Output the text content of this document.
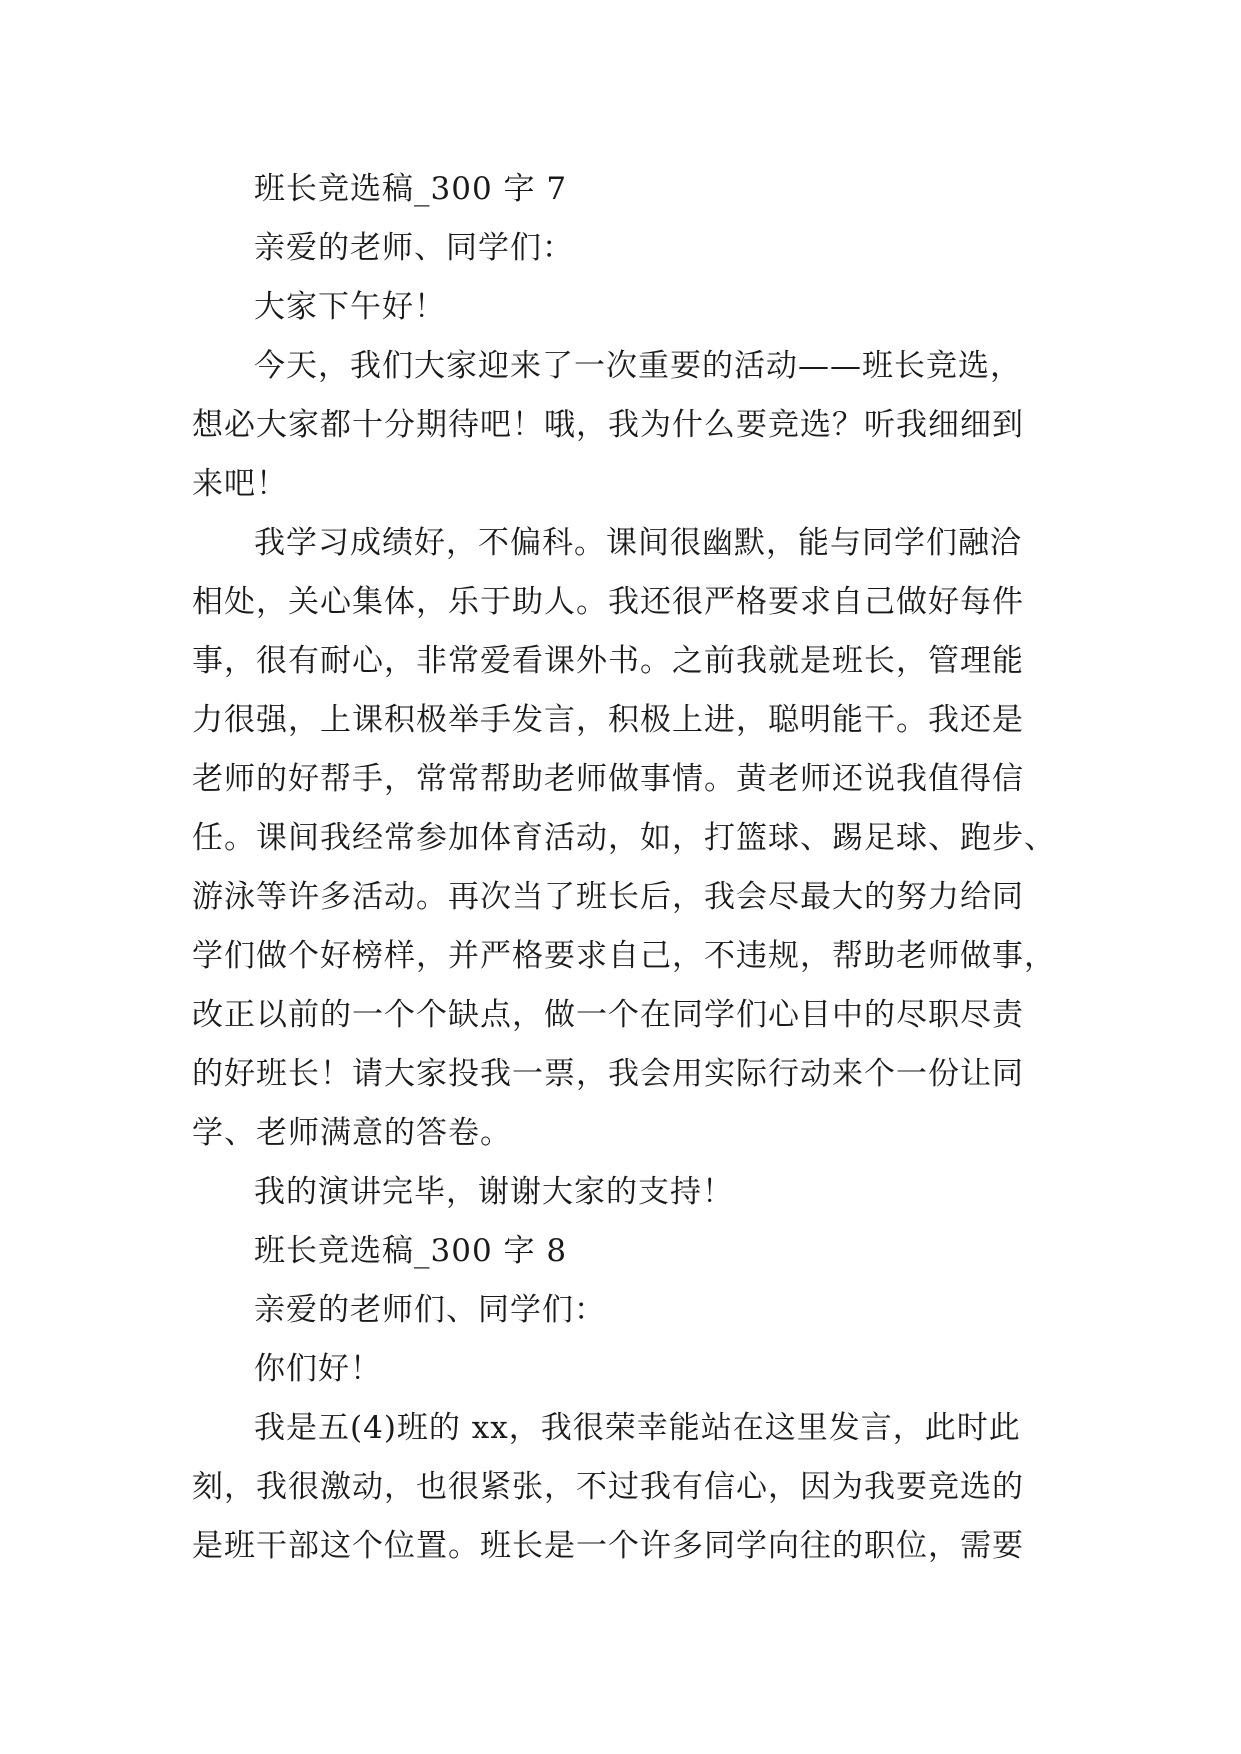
班长竞选稿_300 字 7
亲爱的老师、同学们：
大家下午好！
今天，我们大家迎来了一次重要的活动——班长竞选，
想必大家都十分期待吧！哦，我为什么要竞选？听我细细到
来吧！
我学习成绩好，不偏科。课间很幽默，能与同学们融洽
相处，关心集体，乐于助人。我还很严格要求自己做好每件
事，很有耐心，非常爱看课外书。之前我就是班长，管理能
力很强，上课积极举手发言，积极上进，聪明能干。我还是
老师的好帮手，常常帮助老师做事情。黄老师还说我值得信
任。课间我经常参加体育活动，如，打篮球、踢足球、跑步、
游泳等许多活动。再次当了班长后，我会尽最大的努力给同
学们做个好榜样，并严格要求自己，不违规，帮助老师做事，
改正以前的一个个缺点，做一个在同学们心目中的尽职尽责
的好班长！请大家投我一票，我会用实际行动来个一份让同
学、老师满意的答卷。
我的演讲完毕，谢谢大家的支持！
班长竞选稿_300 字 8
亲爱的老师们、同学们：
你们好！
我是五(4)班的 xx，我很荣幸能站在这里发言，此时此
刻，我很激动，也很紧张，不过我有信心，因为我要竞选的
是班干部这个位置。班长是一个许多同学向往的职位，需要
